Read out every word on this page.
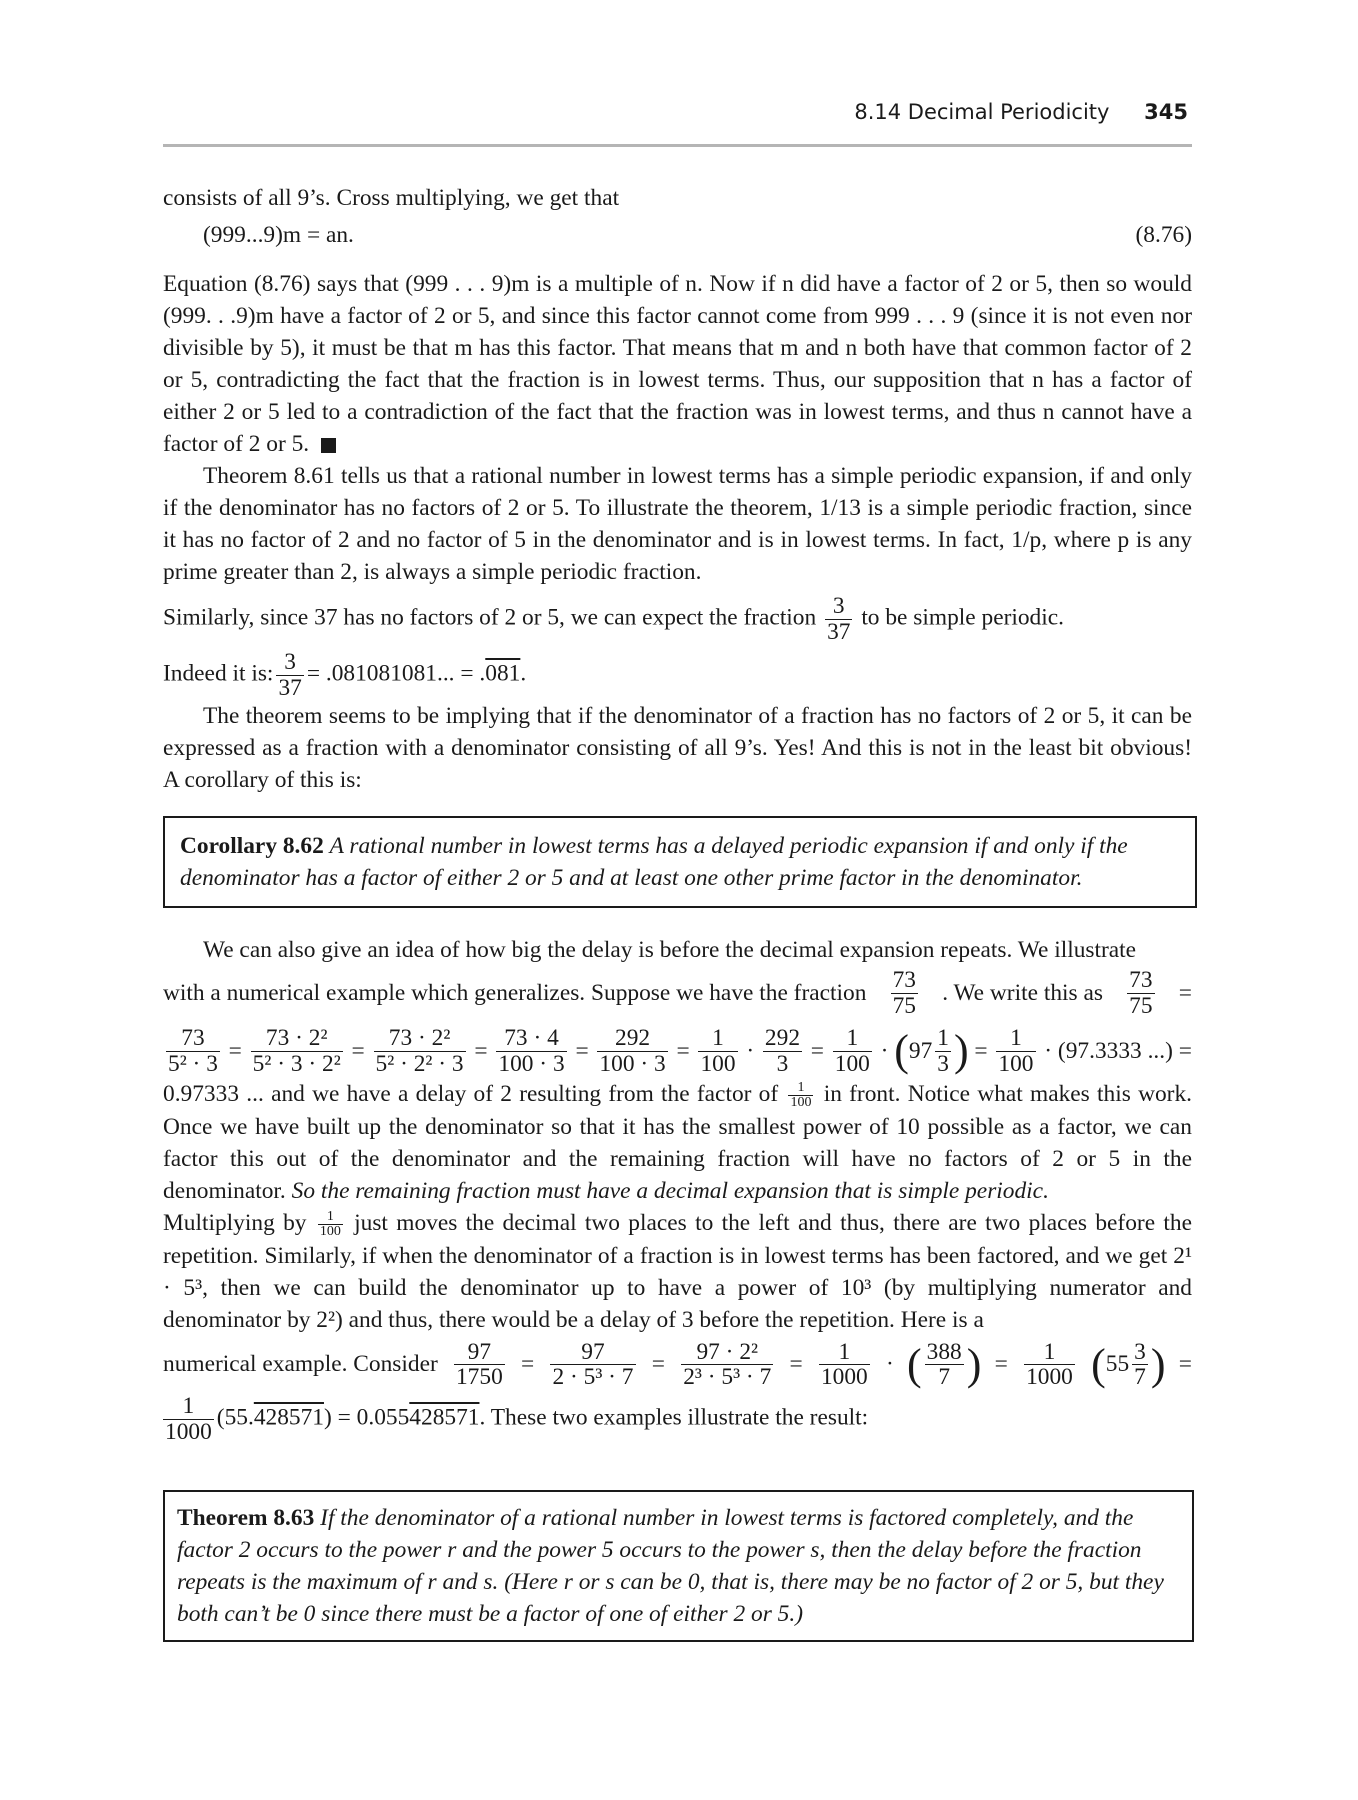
8.14 Decimal Periodicity 345

consists of all 9’s. Cross multiplying, we get that

(999...9)m = an.	(8.76)

Equation (8.76) says that (999 . . . 9)m is a multiple of n. Now if n did have a factor of 2 or 5, then so would (999. . .9)m have a factor of 2 or 5, and since this factor cannot come from 999 . . . 9 (since it is not even nor divisible by 5), it must be that m has this factor. That means that m and n both have that common factor of 2 or 5, contradicting the fact that the fraction is in lowest terms. Thus, our supposition that n has a factor of either 2 or 5 led to a contradiction of the fact that the fraction was in lowest terms, and thus n cannot have a factor of 2 or 5.

Theorem 8.61 tells us that a rational number in lowest terms has a simple periodic expansion, if and only if the denominator has no factors of 2 or 5. To illustrate the theorem, 1/13 is a simple periodic fraction, since it has no factor of 2 and no factor of 5 in the denominator and is in lowest terms. In fact, 1/p, where p is any prime greater than 2, is always a simple periodic fraction.

Similarly, since 37 has no factors of 2 or 5, we can expect the fraction $\frac{3}{37}$ to be simple periodic.

Indeed it is: $\frac{3}{37} = .081081081$... = .081.

The theorem seems to be implying that if the denominator of a fraction has no factors of 2 or 5, it can be expressed as a fraction with a denominator consisting of all 9’s. Yes! And this is not in the least bit obvious! A corollary of this is:

Corollary 8.62 A rational number in lowest terms has a delayed periodic expansion if and only if the denominator has a factor of either 2 or 5 and at least one other prime factor in the denominator.

We can also give an idea of how big the delay is before the decimal expansion repeats. We illustrate

with a numerical example which generalizes. Suppose we have the fraction $\frac{73}{75}$ . We write this as $\frac{73}{75}$ =
$\frac{73}{\text{5² · 3}} = \frac{\text{73 · 2²}}{\text{5² · 3 · 2²}} = \frac{\text{73 · 2²}}{\text{5² · 2² · 3}} = \frac{73 \cdot 4}{100 \cdot 3} = \frac{292}{100 \cdot 3} = \frac{1}{100} \cdot \frac{292}{3} = \frac{1}{100}$ · ( $97 \frac{1}{3}$ ) = $\frac{1}{100} \cdot (97.3333$ ...) =

0.97333 ... and we have a delay of 2 resulting from the factor of $\frac{1}{100}$ in front. Notice what makes this work. Once we have built up the denominator so that it has the smallest power of 10 possible as a factor, we can factor this out of the denominator and the remaining fraction will have no factors of 2 or 5 in the denominator. So the remaining fraction must have a decimal expansion that is simple periodic.

Multiplying by $\frac{1}{100}$ just moves the decimal two places to the left and thus, there are two places before the repetition. Similarly, if when the denominator of a fraction is in lowest terms has been factored, and we get 2¹ · 5³, then we can build the denominator up to have a power of 10³ (by multiplying numerator and denominator by 2²) and thus, there would be a delay of 3 before the repetition. Here is a

numerical example. Consider $\frac{97}{1750} = \frac{97}{\text{2 · 5³ · 7}} = \frac{\text{97 · 2²}}{\text{2³ · 5³ · 7}} = \frac{1}{1000}$ · ( $\frac{388}{7}$ ) = $\frac{1}{1000}$ ( $55 \frac{3}{7}$ ) =

$\frac{1}{1000} (55.428571) = 0.055428571$. These two examples illustrate the result:

Theorem 8.63 If the denominator of a rational number in lowest terms is factored completely, and the factor 2 occurs to the power r and the power 5 occurs to the power s, then the delay before the fraction repeats is the maximum of r and s. (Here r or s can be 0, that is, there may be no factor of 2 or 5, but they both can’t be 0 since there must be a factor of one of either 2 or 5.)
